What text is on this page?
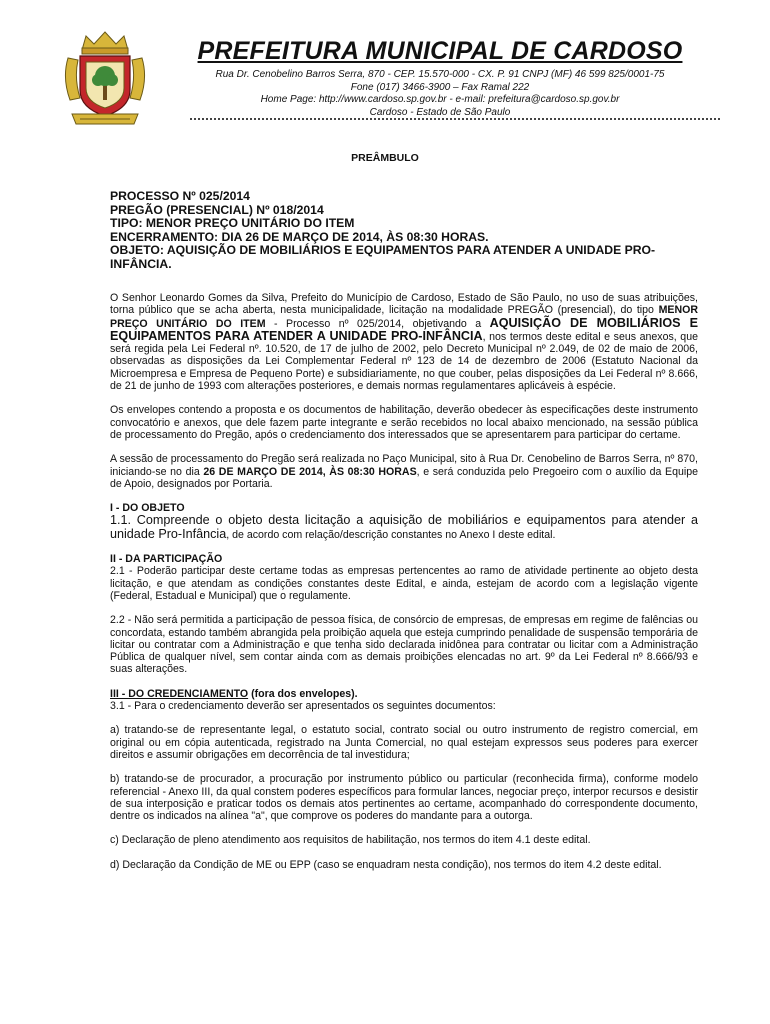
PREFEITURA MUNICIPAL DE CARDOSO
Rua Dr. Cenobelino Barros Serra, 870 - CEP. 15.570-000 - CX. P. 91 CNPJ (MF) 46 599 825/0001-75
Fone (017) 3466-3900 – Fax Ramal 222
Home Page: http://www.cardoso.sp.gov.br - e-mail: prefeitura@cardoso.sp.gov.br
Cardoso - Estado de São Paulo
PREÂMBULO
PROCESSO Nº 025/2014
PREGÃO (PRESENCIAL) Nº 018/2014
TIPO: MENOR PREÇO UNITÁRIO DO ITEM
ENCERRAMENTO: DIA 26 DE MARÇO DE 2014, ÀS 08:30 HORAS.
OBJETO: AQUISIÇÃO DE MOBILIÁRIOS E EQUIPAMENTOS PARA ATENDER A UNIDADE PRO-
INFÂNCIA.

O Senhor Leonardo Gomes da Silva, Prefeito do Município de Cardoso, Estado de São Paulo, no uso de suas atribuições, torna público que se acha aberta, nesta municipalidade, licitação na modalidade PREGÃO (presencial), do tipo MENOR PREÇO UNITÁRIO DO ITEM - Processo nº 025/2014, objetivando a AQUISIÇÃO DE MOBILIÁRIOS E EQUIPAMENTOS PARA ATENDER A UNIDADE PRO-INFÂNCIA, nos termos deste edital e seus anexos, que será regida pela Lei Federal nº. 10.520, de 17 de julho de 2002, pelo Decreto Municipal nº 2.049, de 02 de maio de 2006, observadas as disposições da Lei Complementar Federal nº 123 de 14 de dezembro de 2006 (Estatuto Nacional da Microempresa e Empresa de Pequeno Porte) e subsidiariamente, no que couber, pelas disposições da Lei Federal nº 8.666, de 21 de junho de 1993 com alterações posteriores, e demais normas regulamentares aplicáveis à espécie.

Os envelopes contendo a proposta e os documentos de habilitação, deverão obedecer às especificações deste instrumento convocatório e anexos, que dele fazem parte integrante e serão recebidos no local abaixo mencionado, na sessão pública de processamento do Pregão, após o credenciamento dos interessados que se apresentarem para participar do certame.

A sessão de processamento do Pregão será realizada no Paço Municipal, sito à Rua Dr. Cenobelino de Barros Serra, nº 870, iniciando-se no dia 26 DE MARÇO DE 2014, ÀS 08:30 HORAS, e será conduzida pelo Pregoeiro com o auxílio da Equipe de Apoio, designados por Portaria.

I - DO OBJETO

1.1. Compreende o objeto desta licitação a aquisição de mobiliários e equipamentos para atender a unidade Pro-Infância, de acordo com relação/descrição constantes no Anexo I deste edital.

II - DA PARTICIPAÇÃO

2.1 - Poderão participar deste certame todas as empresas pertencentes ao ramo de atividade pertinente ao objeto desta licitação, e que atendam as condições constantes deste Edital, e ainda, estejam de acordo com a legislação vigente (Federal, Estadual e Municipal) que o regulamente.

2.2 - Não será permitida a participação de pessoa física, de consórcio de empresas, de empresas em regime de falências ou concordata, estando também abrangida pela proibição aquela que esteja cumprindo penalidade de suspensão temporária de licitar ou contratar com a Administração e que tenha sido declarada inidônea para contratar ou licitar com a Administração Pública de qualquer nível, sem contar ainda com as demais proibições elencadas no art. 9º da Lei Federal nº 8.666/93 e suas alterações.

III - DO CREDENCIAMENTO (fora dos envelopes).

3.1 - Para o credenciamento deverão ser apresentados os seguintes documentos:

a) tratando-se de representante legal, o estatuto social, contrato social ou outro instrumento de registro comercial, em original ou em cópia autenticada, registrado na Junta Comercial, no qual estejam expressos seus poderes para exercer direitos e assumir obrigações em decorrência de tal investidura;

b) tratando-se de procurador, a procuração por instrumento público ou particular (reconhecida firma), conforme modelo referencial - Anexo III, da qual constem poderes específicos para formular lances, negociar preço, interpor recursos e desistir de sua interposição e praticar todos os demais atos pertinentes ao certame, acompanhado do correspondente documento, dentre os indicados na alínea "a", que comprove os poderes do mandante para a outorga.

c) Declaração de pleno atendimento aos requisitos de habilitação, nos termos do item 4.1 deste edital.

d) Declaração da Condição de ME ou EPP (caso se enquadram nesta condição), nos termos do item 4.2 deste edital.
